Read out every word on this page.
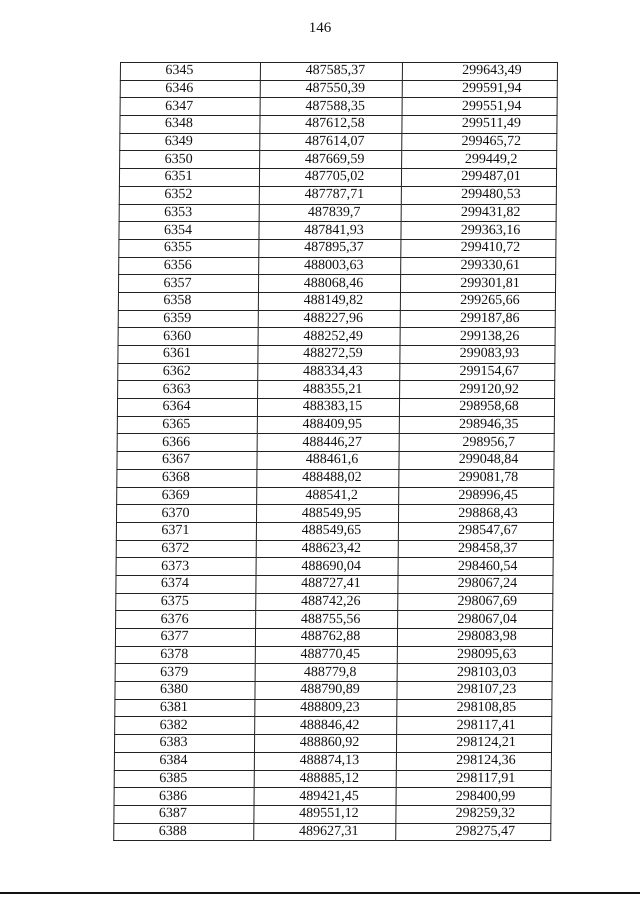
146
6345	487585,37	299643,49
6346	487550,39	299591,94
6347	487588,35	299551,94
6348	487612,58	299511,49
6349	487614,07	299465,72
6350	487669,59	299449,2
6351	487705,02	299487,01
6352	487787,71	299480,53
6353	487839,7	299431,82
6354	487841,93	299363,16
6355	487895,37	299410,72
6356	488003,63	299330,61
6357	488068,46	299301,81
6358	488149,82	299265,66
6359	488227,96	299187,86
6360	488252,49	299138,26
6361	488272,59	299083,93
6362	488334,43	299154,67
6363	488355,21	299120,92
6364	488383,15	298958,68
6365	488409,95	298946,35
6366	488446,27	298956,7
6367	488461,6	299048,84
6368	488488,02	299081,78
6369	488541,2	298996,45
6370	488549,95	298868,43
6371	488549,65	298547,67
6372	488623,42	298458,37
6373	488690,04	298460,54
6374	488727,41	298067,24
6375	488742,26	298067,69
6376	488755,56	298067,04
6377	488762,88	298083,98
6378	488770,45	298095,63
6379	488779,8	298103,03
6380	488790,89	298107,23
6381	488809,23	298108,85
6382	488846,42	298117,41
6383	488860,92	298124,21
6384	488874,13	298124,36
6385	488885,12	298117,91
6386	489421,45	298400,99
6387	489551,12	298259,32
6388	489627,31	298275,47
